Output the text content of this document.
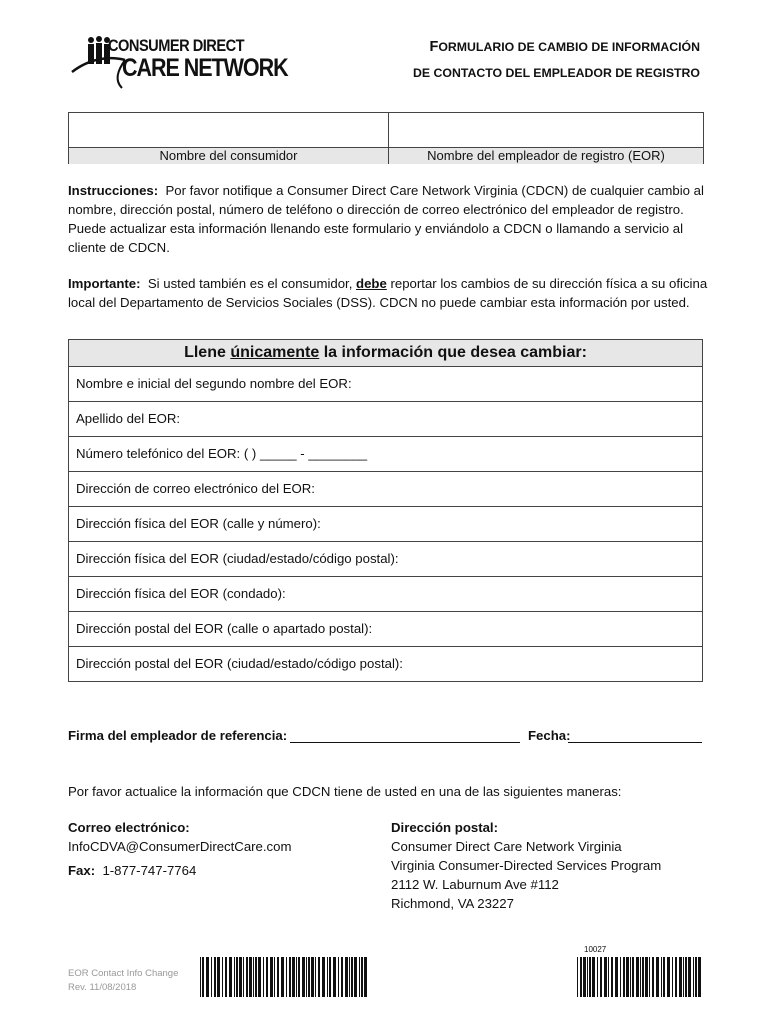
CONSUMER DIRECT
CARE NETWORK
FORMULARIO DE CAMBIO DE INFORMACIÓN
DE CONTACTO DEL EMPLEADOR DE REGISTRO
Nombre del consumidor	Nombre del empleador de registro (EOR)
Instrucciones: Por favor notifique a Consumer Direct Care Network Virginia (CDCN) de cualquier cambio al nombre, dirección postal, número de teléfono o dirección de correo electrónico del empleador de registro. Puede actualizar esta información llenando este formulario y enviándolo a CDCN o llamando a servicio al cliente de CDCN.
Importante: Si usted también es el consumidor, debe reportar los cambios de su dirección física a su oficina local del Departamento de Servicios Sociales (DSS). CDCN no puede cambiar esta información por usted.
Llene únicamente la información que desea cambiar:
Nombre e inicial del segundo nombre del EOR:
Apellido del EOR:
Número telefónico del EOR: ( ) _____ - ________
Dirección de correo electrónico del EOR:
Dirección física del EOR (calle y número):
Dirección física del EOR (ciudad/estado/código postal):
Dirección física del EOR (condado):
Dirección postal del EOR (calle o apartado postal):
Dirección postal del EOR (ciudad/estado/código postal):
Firma del empleador de referencia:	Fecha:
Por favor actualice la información que CDCN tiene de usted en una de las siguientes maneras:
Correo electrónico:
InfoCDVA@ConsumerDirectCare.com
Fax: 1-877-747-7764
Dirección postal:
Consumer Direct Care Network Virginia
Virginia Consumer-Directed Services Program
2112 W. Laburnum Ave #112
Richmond, VA 23227
EOR Contact Info Change
Rev. 11/08/2018
10027
